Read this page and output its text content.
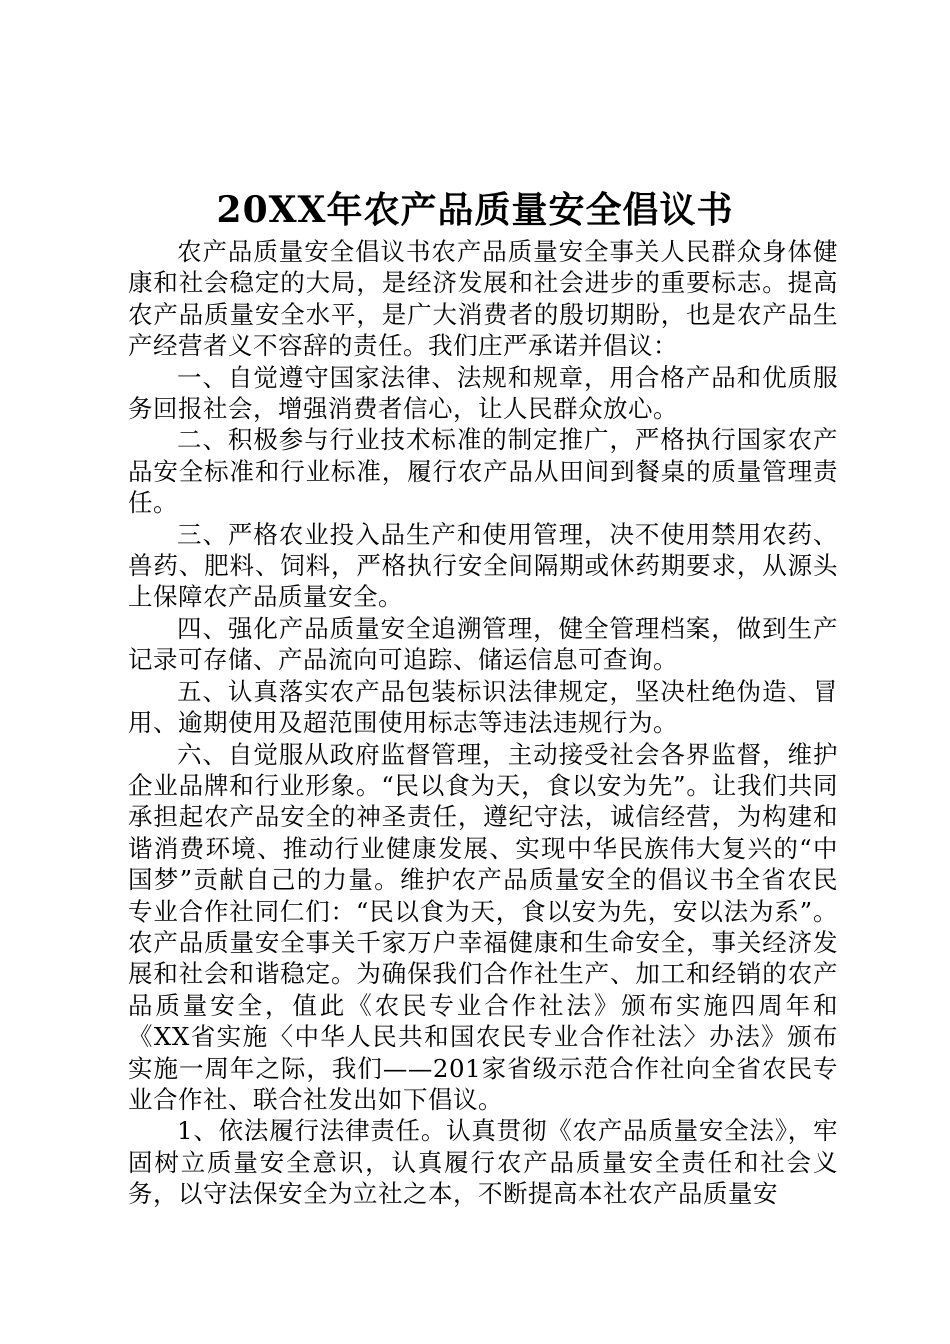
20XX年农产品质量安全倡议书

农产品质量安全倡议书农产品质量安全事关人民群众身体健康和社会稳定的大局，是经济发展和社会进步的重要标志。提高农产品质量安全水平，是广大消费者的殷切期盼，也是农产品生产经营者义不容辞的责任。我们庄严承诺并倡议：

一、自觉遵守国家法律、法规和规章，用合格产品和优质服务回报社会，增强消费者信心，让人民群众放心。

二、积极参与行业技术标准的制定推广，严格执行国家农产品安全标准和行业标准，履行农产品从田间到餐桌的质量管理责任。

三、严格农业投入品生产和使用管理，决不使用禁用农药、兽药、肥料、饲料，严格执行安全间隔期或休药期要求，从源头上保障农产品质量安全。

四、强化产品质量安全追溯管理，健全管理档案，做到生产记录可存储、产品流向可追踪、储运信息可查询。

五、认真落实农产品包装标识法律规定，坚决杜绝伪造、冒用、逾期使用及超范围使用标志等违法违规行为。

六、自觉服从政府监督管理，主动接受社会各界监督，维护企业品牌和行业形象。“民以食为天，食以安为先”。让我们共同承担起农产品安全的神圣责任，遵纪守法，诚信经营，为构建和谐消费环境、推动行业健康发展、实现中华民族伟大复兴的“中国梦”贡献自己的力量。维护农产品质量安全的倡议书全省农民专业合作社同仁们：“民以食为天，食以安为先，安以法为系”。农产品质量安全事关千家万户幸福健康和生命安全，事关经济发展和社会和谐稳定。为确保我们合作社生产、加工和经销的农产品质量安全，值此《农民专业合作社法》颁布实施四周年和《XX省实施〈中华人民共和国农民专业合作社法〉办法》颁布实施一周年之际，我们——201家省级示范合作社向全省农民专业合作社、联合社发出如下倡议。

1、依法履行法律责任。认真贯彻《农产品质量安全法》，牢固树立质量安全意识，认真履行农产品质量安全责任和社会义务，以守法保安全为立社之本，不断提高本社农产品质量安
